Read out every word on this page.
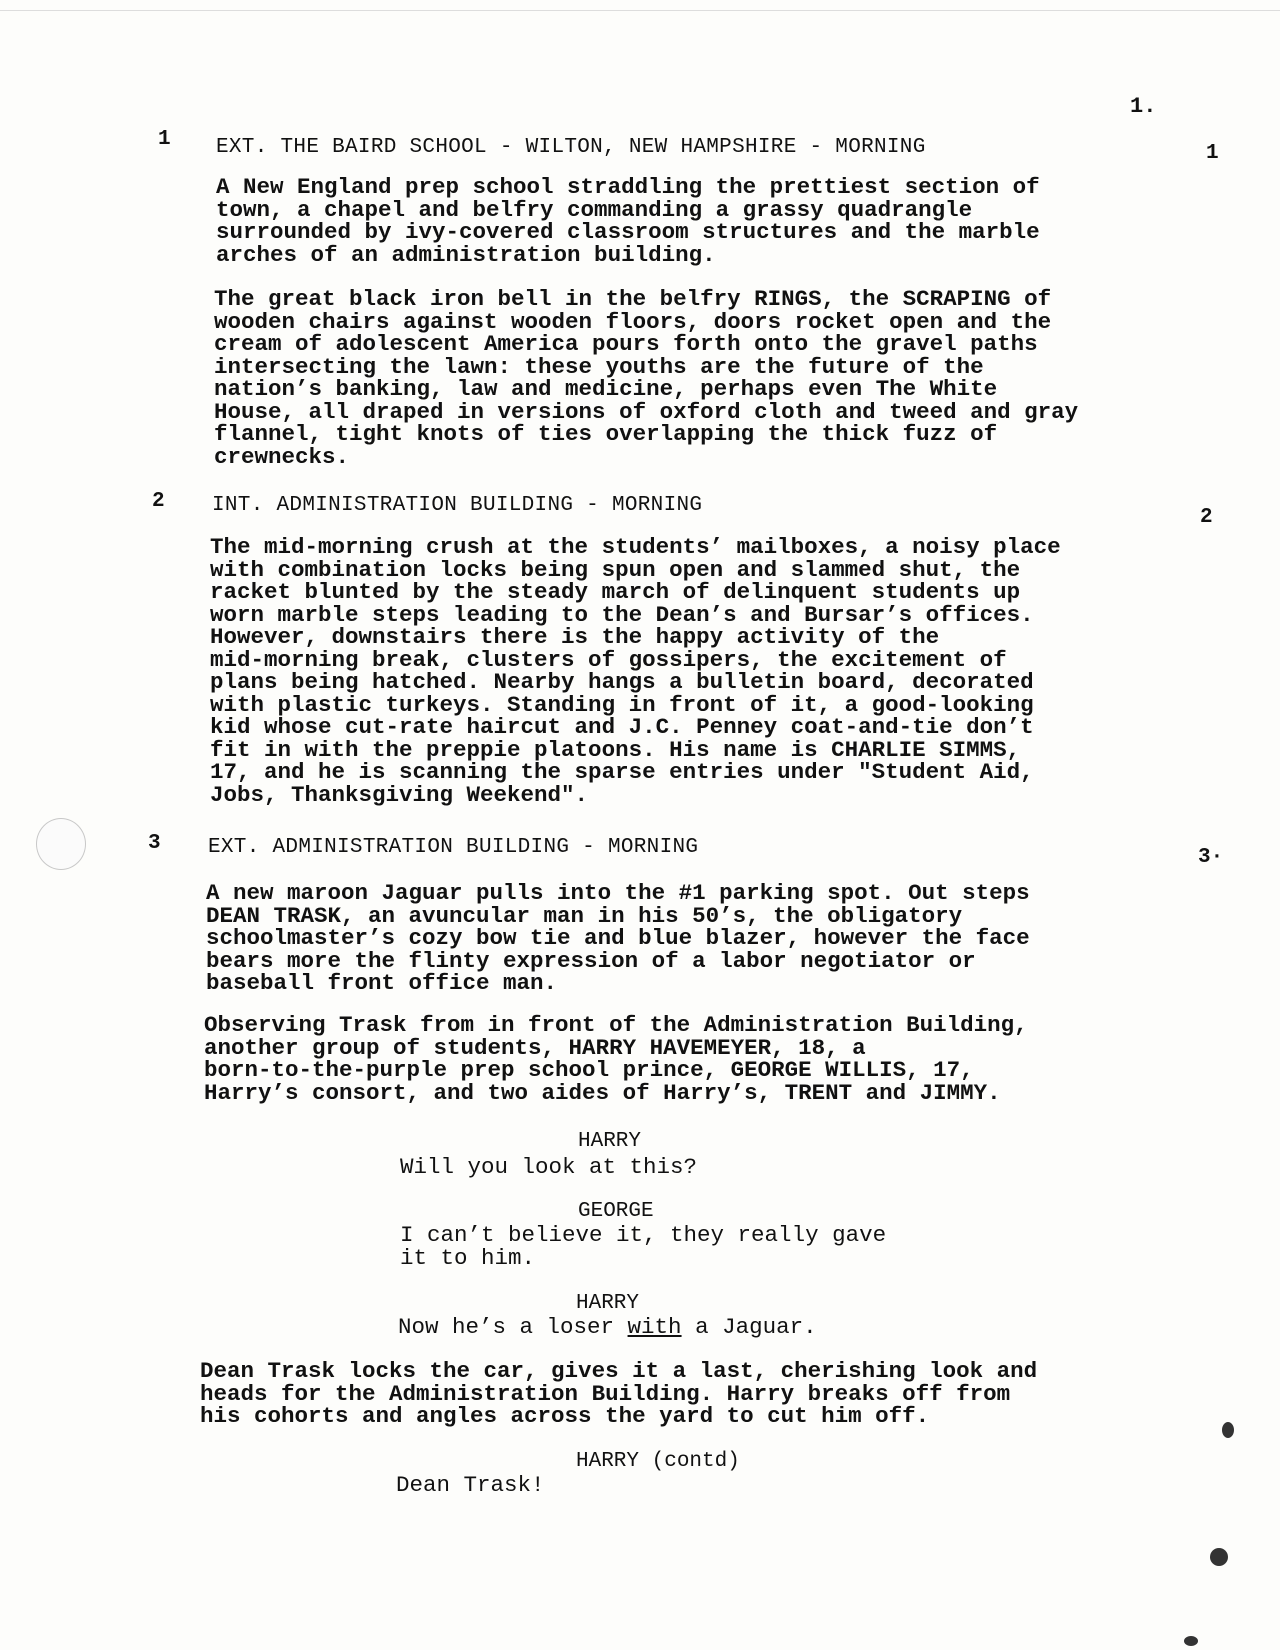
1.
1 EXT. THE BAIRD SCHOOL - WILTON, NEW HAMPSHIRE - MORNING	1
A New England prep school straddling the prettiest section of
town, a chapel and belfry commanding a grassy quadrangle
surrounded by ivy-covered classroom structures and the marble
arches of an administration building.
The great black iron bell in the belfry RINGS, the SCRAPING of
wooden chairs against wooden floors, doors rocket open and the
cream of adolescent America pours forth onto the gravel paths
intersecting the lawn: these youths are the future of the
nation’s banking, law and medicine, perhaps even The White
House, all draped in versions of oxford cloth and tweed and gray
flannel, tight knots of ties overlapping the thick fuzz of
crewnecks.
2 INT. ADMINISTRATION BUILDING - MORNING
2
The mid-morning crush at the students’ mailboxes, a noisy place
with combination locks being spun open and slammed shut, the
racket blunted by the steady march of delinquent students up
worn marble steps leading to the Dean’s and Bursar’s offices.
However, downstairs there is the happy activity of the
mid-morning break, clusters of gossipers, the excitement of
plans being hatched. Nearby hangs a bulletin board, decorated
with plastic turkeys. Standing in front of it, a good-looking
kid whose cut-rate haircut and J.C. Penney coat-and-tie don’t
fit in with the preppie platoons. His name is CHARLIE SIMMS,
17, and he is scanning the sparse entries under "Student Aid,
Jobs, Thanksgiving Weekend".
3 EXT. ADMINISTRATION BUILDING - MORNING	3·
A new maroon Jaguar pulls into the #1 parking spot. Out steps
DEAN TRASK, an avuncular man in his 50’s, the obligatory
schoolmaster’s cozy bow tie and blue blazer, however the face
bears more the flinty expression of a labor negotiator or
baseball front office man.
Observing Trask from in front of the Administration Building,
another group of students, HARRY HAVEMEYER, 18, a
born-to-the-purple prep school prince, GEORGE WILLIS, 17,
Harry’s consort, and two aides of Harry’s, TRENT and JIMMY.
HARRY
Will you look at this?
GEORGE
I can’t believe it, they really gave
it to him.
HARRY
Now he’s a loser with a Jaguar.
Dean Trask locks the car, gives it a last, cherishing look and
heads for the Administration Building. Harry breaks off from
his cohorts and angles across the yard to cut him off.
HARRY (contd)
Dean Trask!
